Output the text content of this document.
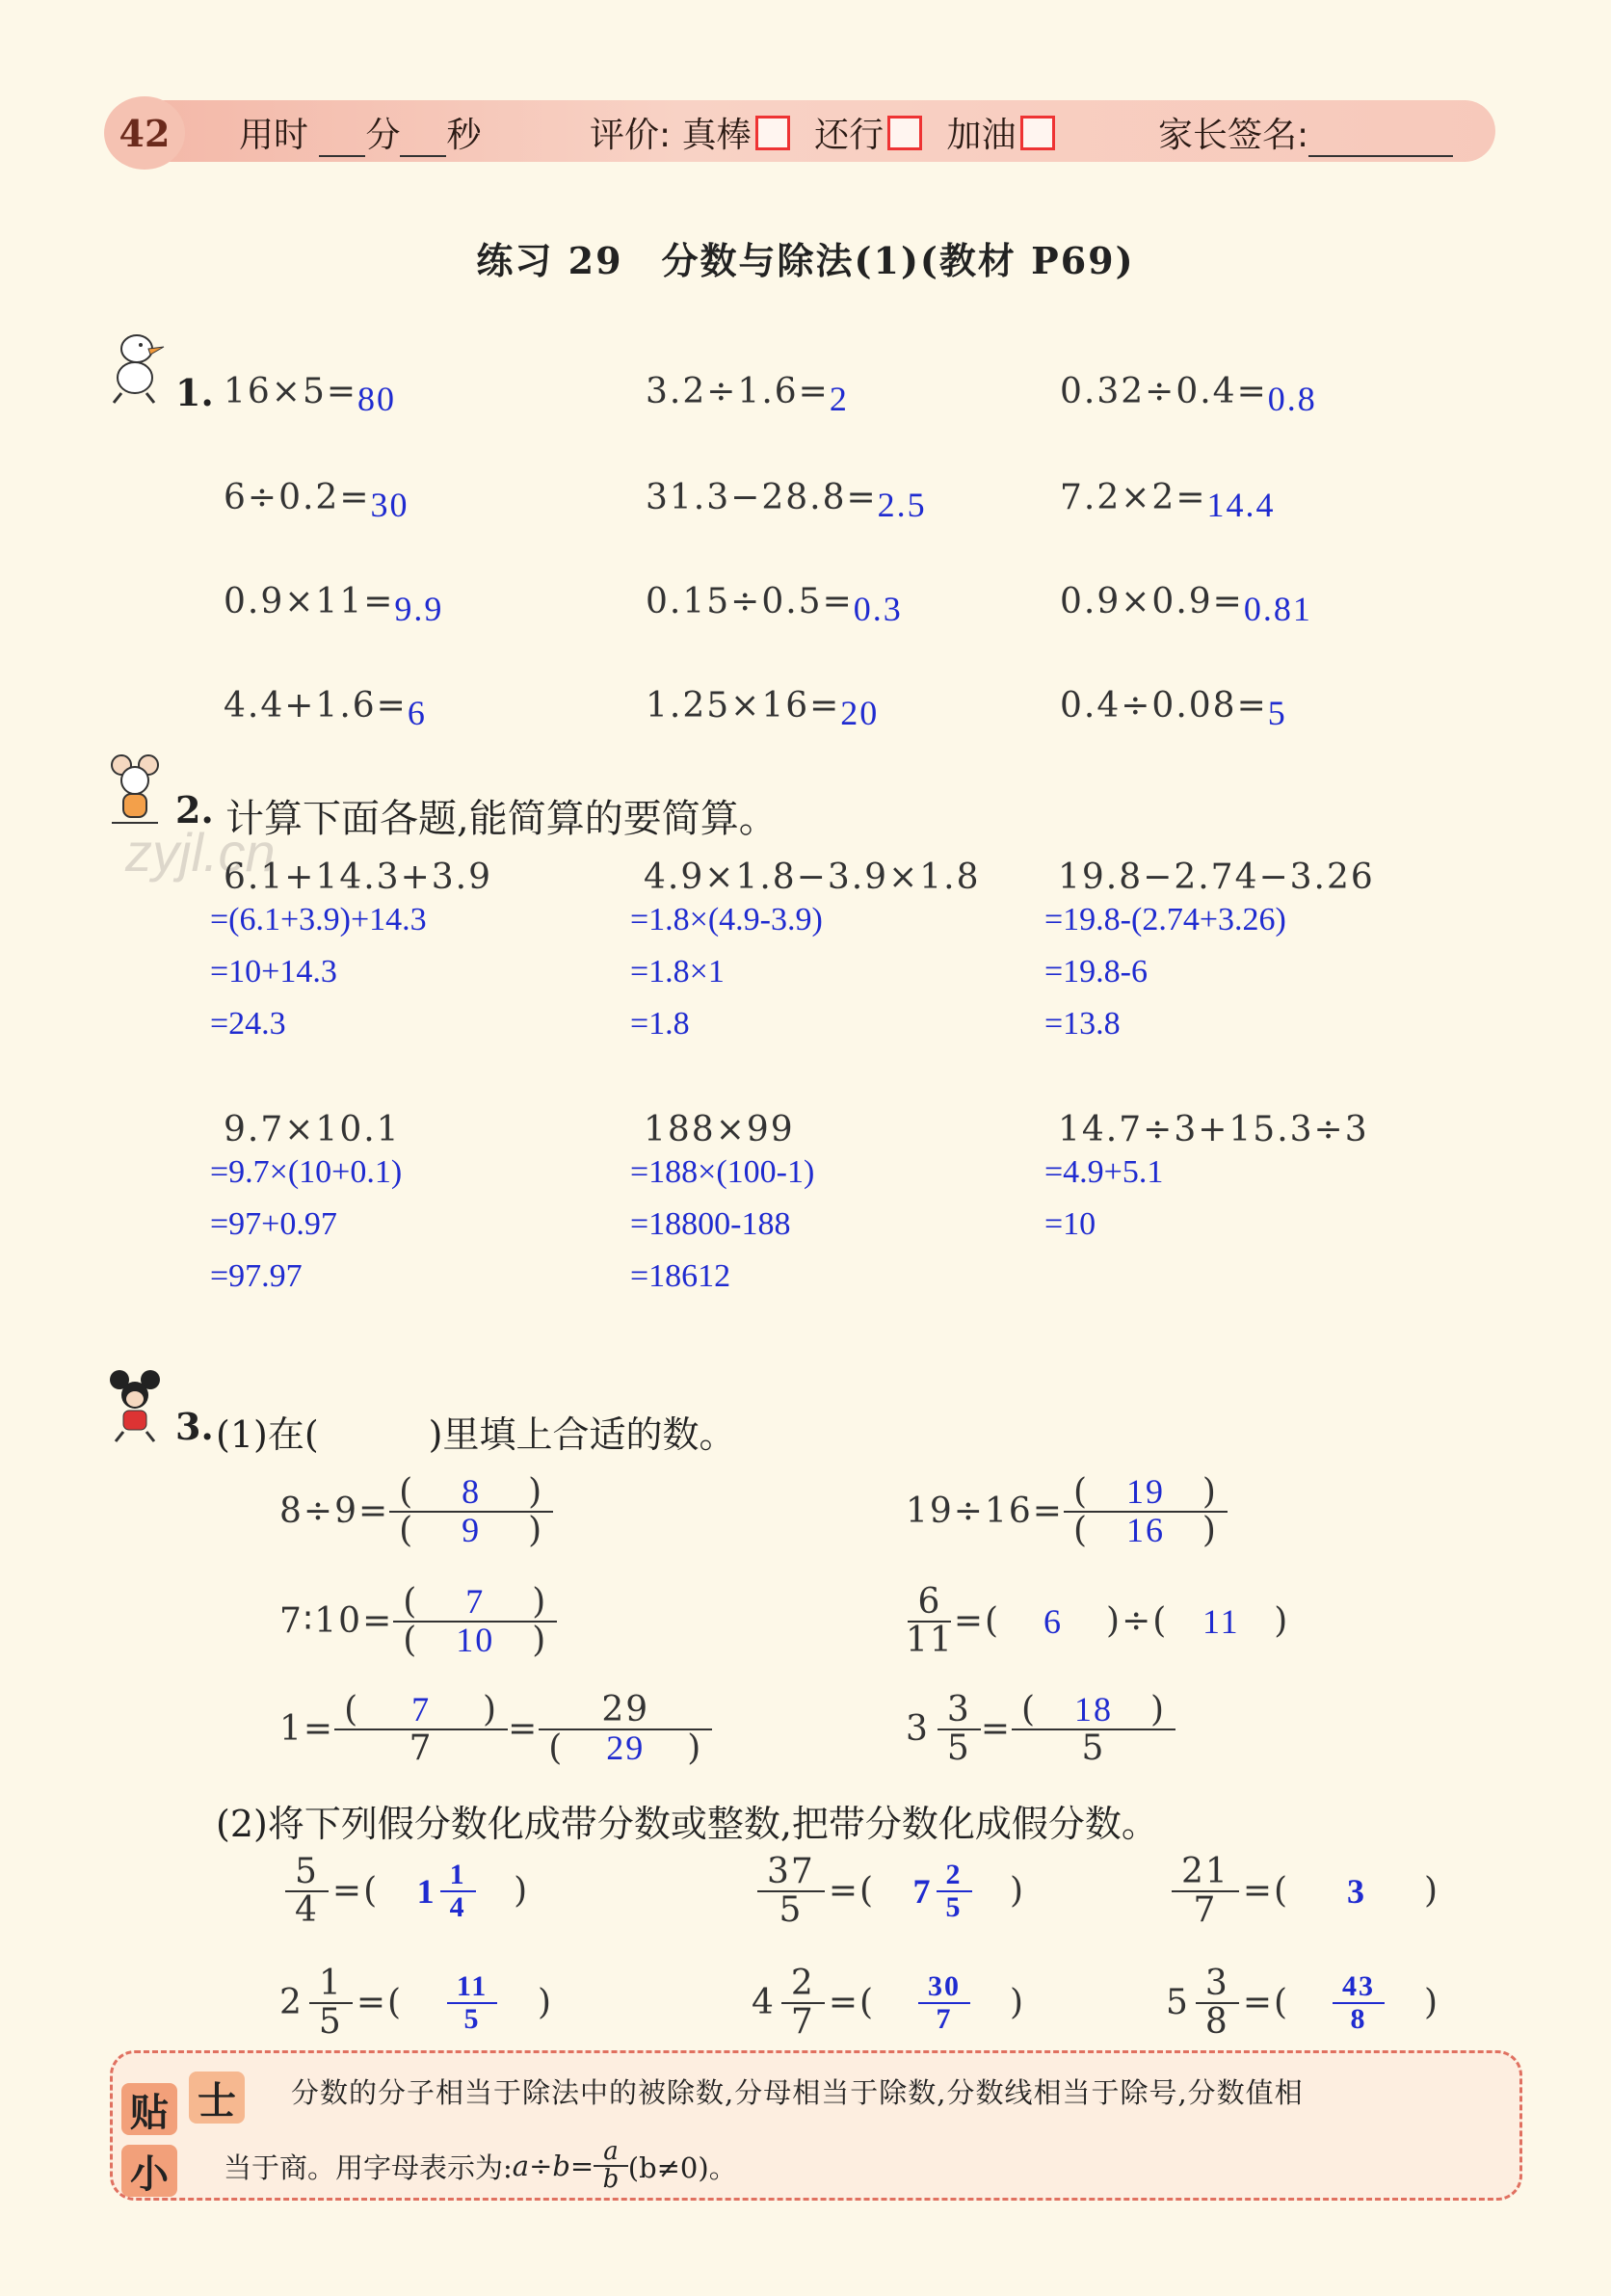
42	用时 分 秒	评价: 真棒 还行 加油	家长签名:
练习 29　分数与除法(1)(教材 P69)
1. 16×5=80	3.2÷1.6=2	0.32÷0.4=0.8
6÷0.2=30	31.3−28.8=2.5	7.2×2=14.4
0.9×11=9.9	0.15÷0.5=0.3	0.9×0.9=0.81
4.4+1.6=6	1.25×16=20	0.4÷0.08=5
2. 计算下面各题,能简算的要简算。
zyjl.cn
6.1+14.3+3.9
=(6.1+3.9)+14.3
=10+14.3
=24.3
4.9×1.8−3.9×1.8
=1.8×(4.9-3.9)
=1.8×1
=1.8
19.8−2.74−3.26
=19.8-(2.74+3.26)
=19.8-6
=13.8
9.7×10.1
=9.7×(10+0.1)
=97+0.97
=97.97
188×99
=188×(100-1)
=18800-188
=18612
14.7÷3+15.3÷3
=4.9+5.1
=10
3. (1)在(　　　)里填上合适的数。
$8\div 9= \frac{( 8 )}{( 9 )}$	$19\div 16= \frac{( 19 )}{( 16 )}$
7∶10= $\frac{( 7 )}{( 10 )}$	$\frac{6}{11}$ =(	6	)÷( 11 )
$1= \frac{( 7 )}{7} = \frac{29}{( 29 )}$	$3 \frac{3}{5} = \frac{( 18 )}{5}$
(2)将下列假分数化成带分数或整数,把带分数化成假分数。
$\frac{5}{4}$ =( $1 \frac{1}{4}$ )	$\frac{37}{5}$ =( $7 \frac{2}{5}$ )	$\frac{21}{7}$ =( 3 )
$2 \frac{1}{5}$ =( $\frac{11}{5}$ )	$4 \frac{2}{7}$ =( $\frac{30}{7}$ )	$5 \frac{3}{8}$ =( $\frac{43}{8}$ )
贴 士
小
分数的分子相当于除法中的被除数,分母相当于除数,分数线相当于除号,分数值相
当于商。用字母表示为: $a\div b= \frac{a}{b} (b\ne 0)$。
